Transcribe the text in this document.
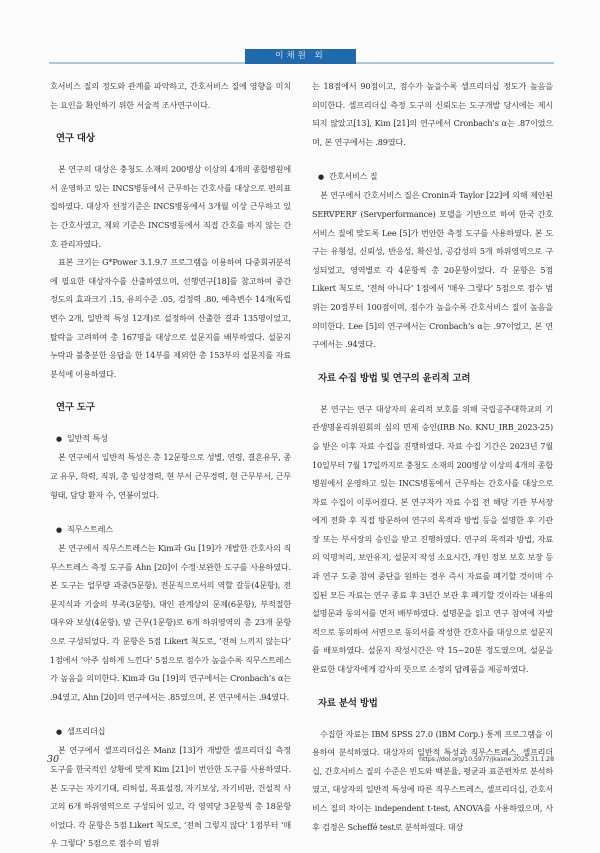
이채원 외

호서비스 질의 정도와 관계를 파악하고, 간호서비스 질에 영향을 미치는 요인을 확인하기 위한 서술적 조사연구이다.

연구 대상

본 연구의 대상은 충청도 소재의 200병상 이상의 4개의 종합병원에서 운영하고 있는 INCS병동에서 근무하는 간호사를 대상으로 편의표집하였다. 대상자 선정기준은 INCS병동에서 3개월 이상 근무하고 있는 간호사였고, 제외 기준은 INCS병동에서 직접 간호를 하지 않는 간호 관리자였다.

표본 크기는 G*Power 3.1.9.7 프로그램을 이용하여 다중회귀분석에 필요한 대상자수를 산출하였으며, 선행연구[18]를 참고하여 중간 정도의 효과크기 .15, 유의수준 .05, 검정력 .80, 예측변수 14개(독립변수 2개, 일반적 특성 12개)로 설정하여 산출한 결과 135명이었고, 탈락을 고려하여 총 167명을 대상으로 설문지를 배부하였다. 설문지 누락과 불충분한 응답을 한 14부를 제외한 총 153부의 설문지를 자료 분석에 이용하였다.

연구 도구
● 일반적 특성

본 연구에서 일반적 특성은 총 12문항으로 성별, 연령, 결혼유무, 종교 유무, 학력, 직위, 총 임상경력, 현 부서 근무경력, 현 근무부서, 근무형태, 담당 환자 수, 연봉이었다.

● 직무스트레스

본 연구에서 직무스트레스는 Kim과 Gu [19]가 개발한 간호사의 직무스트레스 측정 도구를 Ahn [20]이 수정·보완한 도구를 사용하였다. 본 도구는 업무량 과중(5문항), 전문직으로서의 역할 갈등(4문항), 전문지식과 기술의 부족(3문항), 대인 관계상의 문제(6문항), 부적절한 대우와 보상(4문항), 밤 근무(1문항)로 6개 하위영역의 총 23개 문항으로 구성되었다. 각 문항은 5점 Likert 척도로, ‘전혀 느끼지 않는다’ 1점에서 ‘아주 심하게 느낀다’ 5점으로 점수가 높을수록 직무스트레스가 높음을 의미한다. Kim과 Gu [19]의 연구에서는 Cronbach’s α는 .94였고, Ahn [20]의 연구에서는 .85였으며, 본 연구에서는 .94였다.

● 셀프리더십

본 연구에서 셀프리더십은 Manz [13]가 개발한 셀프리더십 측정 도구를 한국적인 상황에 맞게 Kim [21]이 번안한 도구를 사용하였다. 본 도구는 자기기대, 리허설, 목표설정, 자기보상, 자기비판, 건설적 사고의 6개 하위영역으로 구성되어 있고, 각 영역당 3문항씩 총 18문항이었다. 각 문항은 5점 Likert 척도로, ‘전혀 그렇지 않다’ 1점부터 ‘매우 그렇다’ 5점으로 점수의 범위

는 18점에서 90점이고, 점수가 높을수록 셀프리더십 정도가 높음을 의미한다. 셀프리더십 측정 도구의 신뢰도는 도구개발 당시에는 제시되지 않았고[13], Kim [21]의 연구에서 Cronbach’s α는 .87이었으며, 본 연구에서는 .89였다.

● 간호서비스 질

본 연구에서 간호서비스 질은 Cronin과 Taylor [22]에 의해 제안된 SERVPERF (Servperformance) 모델을 기반으로 하여 한국 간호서비스 질에 맞도록 Lee [5]가 번안한 측정 도구를 사용하였다. 본 도구는 유형성, 신뢰성, 반응성, 확신성, 공감성의 5개 하위영역으로 구성되었고, 영역별로 각 4문항씩 총 20문항이었다. 각 문항은 5점 Likert 척도로, ‘전혀 아니다’ 1점에서 ‘매우 그렇다’ 5점으로 점수 범위는 20점부터 100점이며, 점수가 높을수록 간호서비스 질이 높음을 의미한다. Lee [5]의 연구에서는 Cronbach’s α는 .97이었고, 본 연구에서는 .94였다.

자료 수집 방법 및 연구의 윤리적 고려

본 연구는 연구 대상자의 윤리적 보호를 위해 국립공주대학교의 기관생명윤리위원회의 심의 면제 승인(IRB No. KNU_IRB_2023-25)을 받은 이후 자료 수집을 진행하였다. 자료 수집 기간은 2023년 7월 10일부터 7월 17일까지로 충청도 소재의 200병상 이상의 4개의 종합병원에서 운영하고 있는 INCS병동에서 근무하는 간호사를 대상으로 자료 수집이 이루어졌다. 본 연구자가 자료 수집 전 해당 기관 부서장에게 전화 후 직접 방문하여 연구의 목적과 방법 등을 설명한 후 기관장 또는 부서장의 승인을 받고 진행하였다. 연구의 목적과 방법, 자료의 익명처리, 보안유지, 설문지 작성 소요시간, 개인 정보 보호 보장 등과 연구 도중 참여 중단을 원하는 경우 즉시 자료를 폐기할 것이며 수집된 모든 자료는 연구 종료 후 3년간 보관 후 폐기할 것이라는 내용의 설명문과 동의서를 먼저 배부하였다. 설명문을 읽고 연구 참여에 자발적으로 동의하여 서면으로 동의서를 작성한 간호사를 대상으로 설문지를 배포하였다. 설문지 작성시간은 약 15~20분 정도였으며, 설문을 완료한 대상자에게 감사의 뜻으로 소정의 답례품을 제공하였다.

자료 분석 방법

수집한 자료는 IBM SPSS 27.0 (IBM Corp.) 통계 프로그램을 이용하여 분석하였다. 대상자의 일반적 특성과 직무스트레스, 셀프리더십, 간호서비스 질의 수준은 빈도와 백분율, 평균과 표준편차로 분석하였고, 대상자의 일반적 특성에 따른 직무스트레스, 셀프리더십, 간호서비스 질의 차이는 independent t-test, ANOVA를 사용하였으며, 사후 검정은 Scheffé test로 분석하였다. 대상

30	https://doi.org/10.5977/jkasne.2025.31.1.28
